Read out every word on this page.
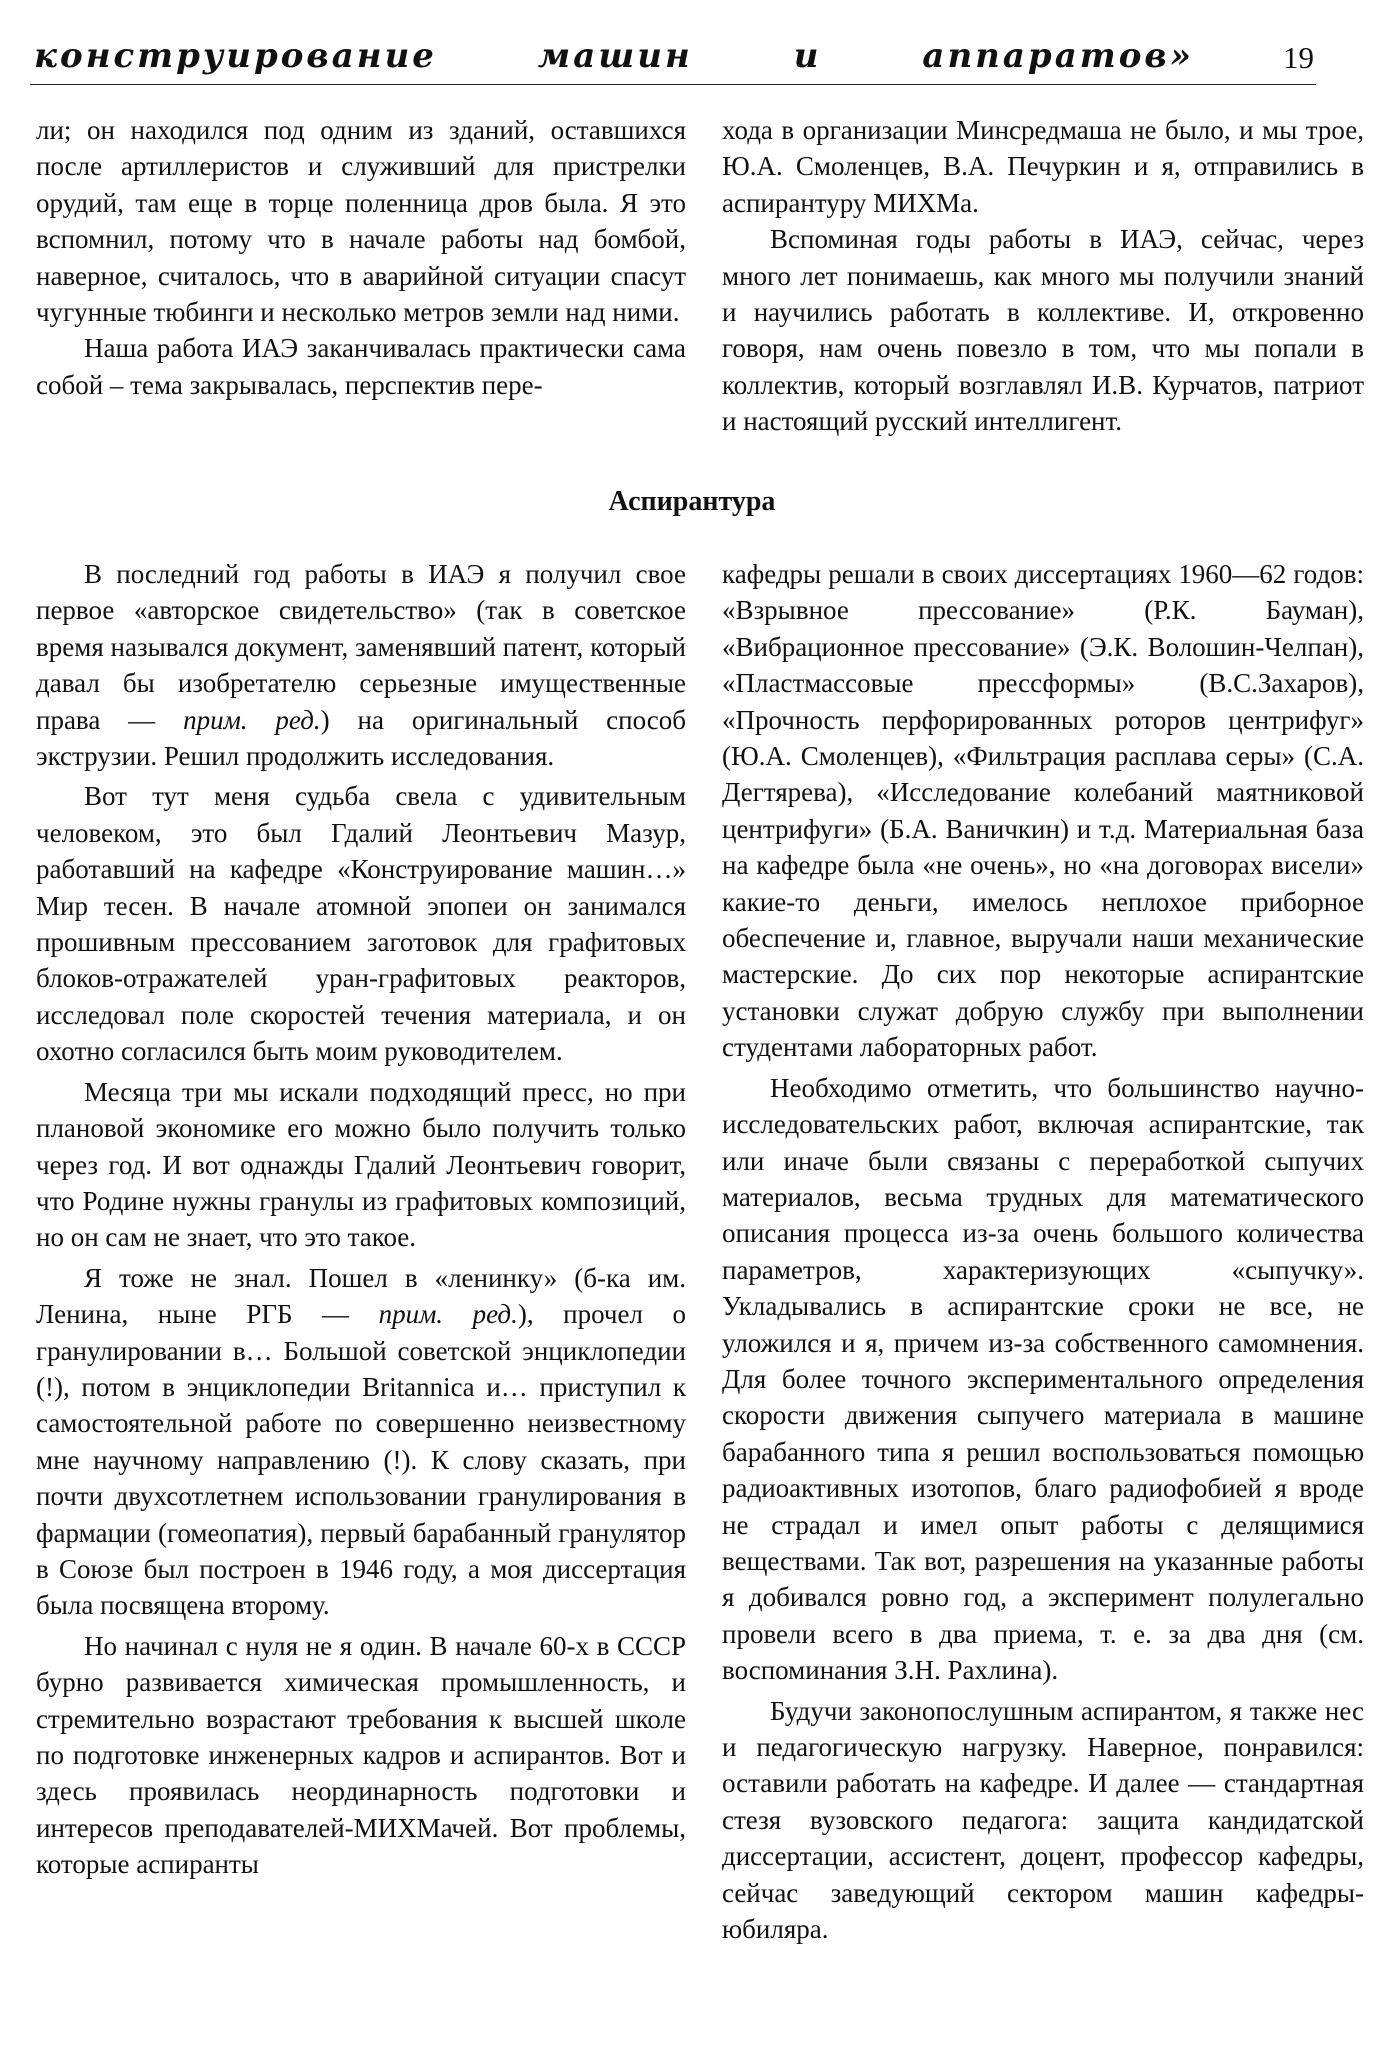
конструирование	машин	и	аппаратов»	19

ли; он находился под одним из зданий, оставшихся после артиллеристов и служивший для пристрелки орудий, там еще в торце поленница дров была. Я это вспомнил, потому что в начале работы над бомбой, наверное, считалось, что в аварийной ситуации спасут чугунные тюбинги и несколько метров земли над ними.

Наша работа ИАЭ заканчивалась практически сама собой – тема закрывалась, перспектив пере-

хода в организации Минсредмаша не было, и мы трое, Ю.А. Смоленцев, В.А. Печуркин и я, отправились в аспирантуру МИХМа.

Вспоминая годы работы в ИАЭ, сейчас, через много лет понимаешь, как много мы получили знаний и научились работать в коллективе. И, откровенно говоря, нам очень повезло в том, что мы попали в коллектив, который возглавлял И.В. Курчатов, патриот и настоящий русский интеллигент.

Аспирантура

В последний год работы в ИАЭ я получил свое первое «авторское свидетельство» (так в советское время назывался документ, заменявший патент, который давал бы изобретателю серьезные имущественные права — прим. ред.) на оригинальный способ экструзии. Решил продолжить исследования.

Вот тут меня судьба свела с удивительным человеком, это был Гдалий Леонтьевич Мазур, работавший на кафедре «Конструирование машин…» Мир тесен. В начале атомной эпопеи он занимался прошивным прессованием заготовок для графитовых блоков-отражателей уран-графитовых реакторов, исследовал поле скоростей течения материала, и он охотно согласился быть моим руководителем.

Месяца три мы искали подходящий пресс, но при плановой экономике его можно было получить только через год. И вот однажды Гдалий Леонтьевич говорит, что Родине нужны гранулы из графитовых композиций, но он сам не знает, что это такое.

Я тоже не знал. Пошел в «ленинку» (б-ка им. Ленина, ныне РГБ — прим. ред.), прочел о гранулировании в… Большой советской энциклопедии (!), потом в энциклопедии Britannica и… приступил к самостоятельной работе по совершенно неизвестному мне научному направлению (!). К слову сказать, при почти двухсотлетнем использовании гранулирования в фармации (гомеопатия), первый барабанный гранулятор в Союзе был построен в 1946 году, а моя диссертация была посвящена второму.

Но начинал с нуля не я один. В начале 60-х в СССР бурно развивается химическая промышленность, и стремительно возрастают требования к высшей школе по подготовке инженерных кадров и аспирантов. Вот и здесь проявилась неординарность подготовки и интересов преподавателей-МИХМачей. Вот проблемы, которые аспиранты

кафедры решали в своих диссертациях 1960—62 годов: «Взрывное прессование» (Р.К. Бауман), «Вибрационное прессование» (Э.К. Волошин-Челпан), «Пластмассовые прессформы» (В.С.Захаров), «Прочность перфорированных роторов центрифуг» (Ю.А. Смоленцев), «Фильтрация расплава серы» (С.А. Дегтярева), «Исследование колебаний маятниковой центрифуги» (Б.А. Ваничкин) и т.д. Материальная база на кафедре была «не очень», но «на договорах висели» какие-то деньги, имелось неплохое приборное обеспечение и, главное, выручали наши механические мастерские. До сих пор некоторые аспирантские установки служат добрую службу при выполнении студентами лабораторных работ.

Необходимо отметить, что большинство научно-исследовательских работ, включая аспирантские, так или иначе были связаны с переработкой сыпучих материалов, весьма трудных для математического описания процесса из-за очень большого количества параметров, характеризующих «сыпучку». Укладывались в аспирантские сроки не все, не уложился и я, причем из-за собственного самомнения. Для более точного экспериментального определения скорости движения сыпучего материала в машине барабанного типа я решил воспользоваться помощью радиоактивных изотопов, благо радиофобией я вроде не страдал и имел опыт работы с делящимися веществами. Так вот, разрешения на указанные работы я добивался ровно год, а эксперимент полулегально провели всего в два приема, т. е. за два дня (см. воспоминания З.Н. Рахлина).

Будучи законопослушным аспирантом, я также нес и педагогическую нагрузку. Наверное, понравился: оставили работать на кафедре. И далее — стандартная стезя вузовского педагога: защита кандидатской диссертации, ассистент, доцент, профессор кафедры, сейчас заведующий сектором машин кафедры-юбиляра.
